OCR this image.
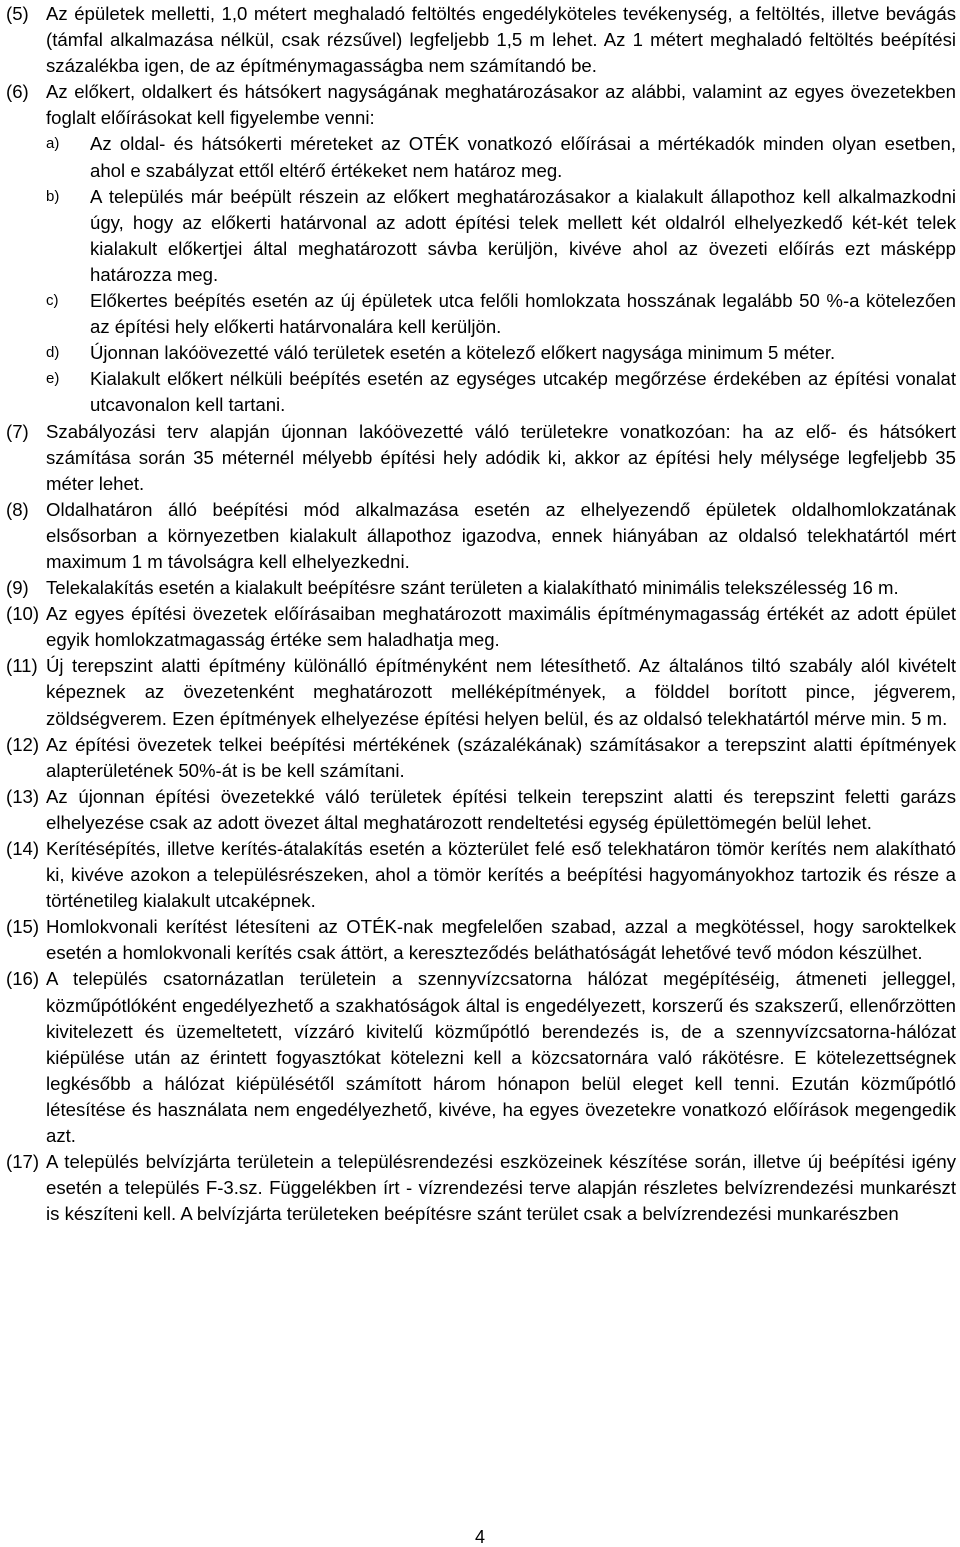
(5) Az épületek melletti, 1,0 métert meghaladó feltöltés engedélyköteles tevékenység, a feltöltés, illetve bevágás (támfal alkalmazása nélkül, csak rézsűvel) legfeljebb 1,5 m lehet. Az 1 métert meghaladó feltöltés beépítési százalékba igen, de az építménymagasságba nem számítandó be.
(6) Az előkert, oldalkert és hátsókert nagyságának meghatározásakor az alábbi, valamint az egyes övezetekben foglalt előírásokat kell figyelembe venni:
a) Az oldal- és hátsókerti méreteket az OTÉK vonatkozó előírásai a mértékadók minden olyan esetben, ahol e szabályzat ettől eltérő értékeket nem határoz meg.
b) A település már beépült részein az előkert meghatározásakor a kialakult állapothoz kell alkalmazkodni úgy, hogy az előkerti határvonal az adott építési telek mellett két oldalról elhelyezkedő két-két telek kialakult előkertjei által meghatározott sávba kerüljön, kivéve ahol az övezeti előírás ezt másképp határozza meg.
c) Előkertes beépítés esetén az új épületek utca felőli homlokzata hosszának legalább 50 %-a kötelezően az építési hely előkerti határvonalára kell kerüljön.
d) Újonnan lakóövezetté váló területek esetén a kötelező előkert nagysága minimum 5 méter.
e) Kialakult előkert nélküli beépítés esetén az egységes utcakép megőrzése érdekében az építési vonalat utcavonalon kell tartani.
(7) Szabályozási terv alapján újonnan lakóövezetté váló területekre vonatkozóan: ha az elő- és hátsókert számítása során 35 méternél mélyebb építési hely adódik ki, akkor az építési hely mélysége legfeljebb 35 méter lehet.
(8) Oldalhatáron álló beépítési mód alkalmazása esetén az elhelyezendő épületek oldalhomlokzatának elsősorban a környezetben kialakult állapothoz igazodva, ennek hiányában az oldalsó telekhatártól mért maximum 1 m távolságra kell elhelyezkedni.
(9) Telekalakítás esetén a kialakult beépítésre szánt területen a kialakítható minimális telekszélesség 16 m.
(10) Az egyes építési övezetek előírásaiban meghatározott maximális építménymagasság értékét az adott épület egyik homlokzatmagasság értéke sem haladhatja meg.
(11) Új terepszint alatti építmény különálló építményként nem létesíthető. Az általános tiltó szabály alól kivételt képeznek az övezetenként meghatározott melléképítmények, a földdel borított pince, jégverem, zöldségverem. Ezen építmények elhelyezése építési helyen belül, és az oldalsó telekhatártól mérve min. 5 m.
(12) Az építési övezetek telkei beépítési mértékének (százalékának) számításakor a terepszint alatti építmények alapterületének 50%-át is be kell számítani.
(13) Az újonnan építési övezetekké váló területek építési telkein terepszint alatti és terepszint feletti garázs elhelyezése csak az adott övezet által meghatározott rendeltetési egység épülettömegén belül lehet.
(14) Kerítésépítés, illetve kerítés-átalakítás esetén a közterület felé eső telekhatáron tömör kerítés nem alakítható ki, kivéve azokon a településrészeken, ahol a tömör kerítés a beépítési hagyományokhoz tartozik és része a történetileg kialakult utcaképnek.
(15) Homlokvonali kerítést létesíteni az OTÉK-nak megfelelően szabad, azzal a megkötéssel, hogy saroktelkek esetén a homlokvonali kerítés csak áttört, a kereszteződés beláthatóságát lehetővé tevő módon készülhet.
(16) A település csatornázatlan területein a szennyvízcsatorna hálózat megépítéséig, átmeneti jelleggel, közműpótlóként engedélyezhető a szakhatóságok által is engedélyezett, korszerű és szakszerű, ellenőrzötten kivitelezett és üzemeltetett, vízzáró kivitelű közműpótló berendezés is, de a szennyvízcsatorna-hálózat kiépülése után az érintett fogyasztókat kötelezni kell a közcsatornára való rákötésre. E kötelezettségnek legkésőbb a hálózat kiépülésétől számított három hónapon belül eleget kell tenni. Ezután közműpótló létesítése és használata nem engedélyezhető, kivéve, ha egyes övezetekre vonatkozó előírások megengedik azt.
(17) A település belvízjárta területein a településrendezési eszközeinek készítése során, illetve új beépítési igény esetén a település F-3.sz. Függelékben írt - vízrendezési terve alapján részletes belvízrendezési munkarészt is készíteni kell. A belvízjárta területeken beépítésre szánt terület csak a belvízrendezési munkarészben
4
